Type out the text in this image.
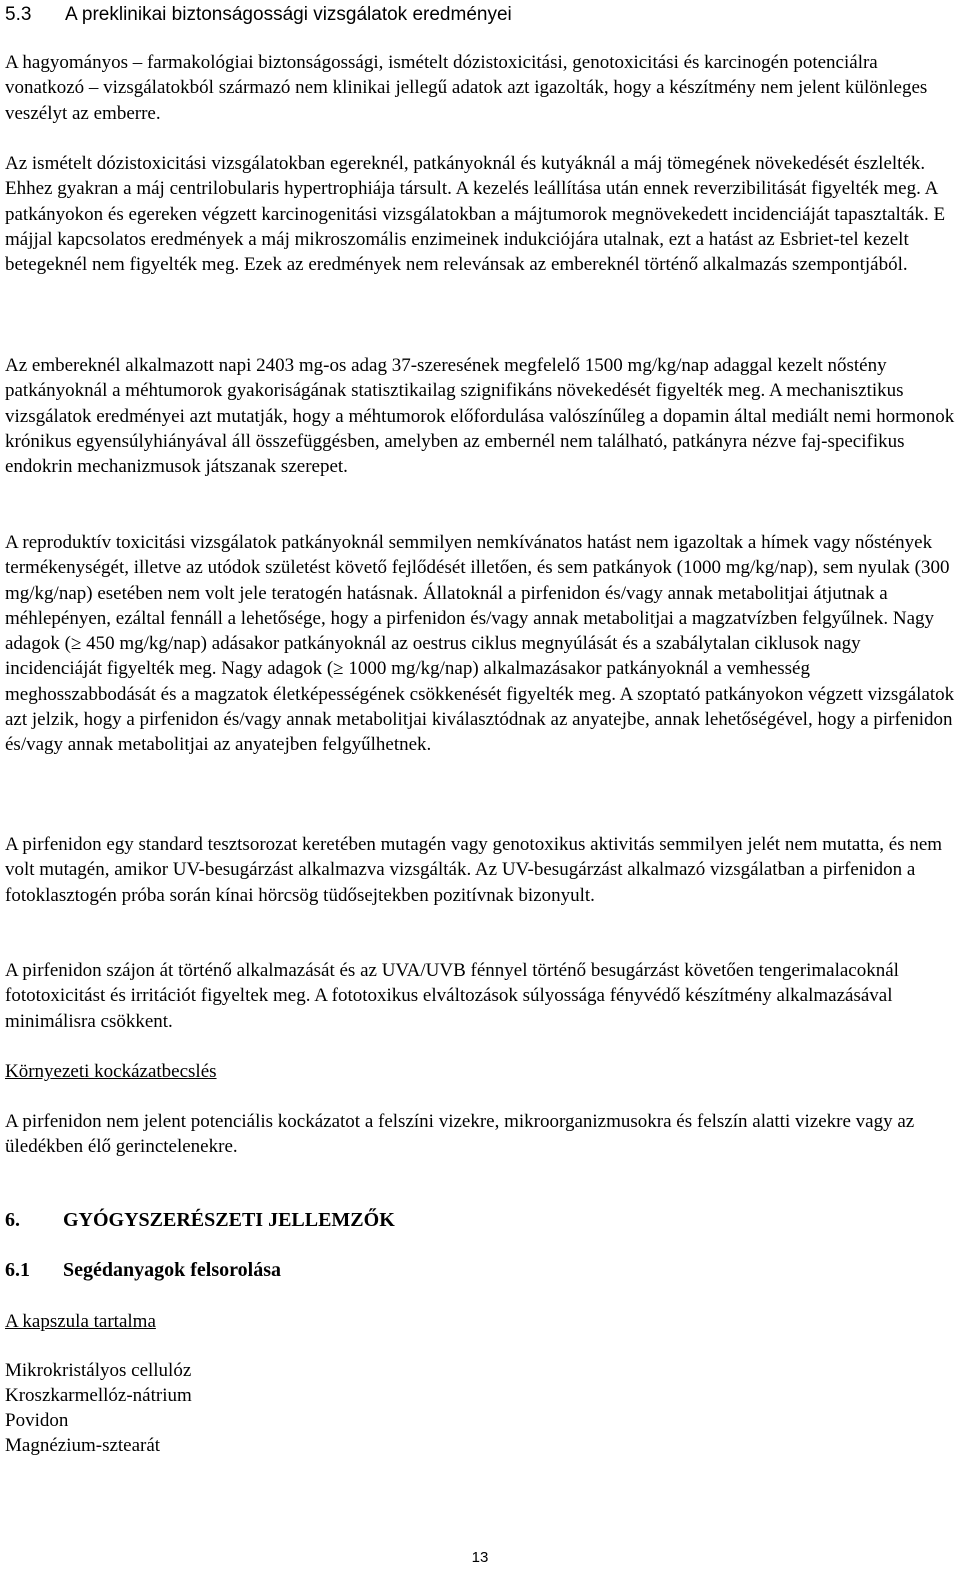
5.3 A preklinikai biztonságossági vizsgálatok eredményei

A hagyományos – farmakológiai biztonságossági, ismételt dózistoxicitási, genotoxicitási és karcinogén potenciálra vonatkozó – vizsgálatokból származó nem klinikai jellegű adatok azt igazolták, hogy a készítmény nem jelent különleges veszélyt az emberre.

Az ismételt dózistoxicitási vizsgálatokban egereknél, patkányoknál és kutyáknál a máj tömegének növekedését észlelték. Ehhez gyakran a máj centrilobularis hypertrophiája társult. A kezelés leállítása után ennek reverzibilitását figyelték meg. A patkányokon és egereken végzett karcinogenitási vizsgálatokban a májtumorok megnövekedett incidenciáját tapasztalták. E májjal kapcsolatos eredmények a máj mikroszomális enzimeinek indukciójára utalnak, ezt a hatást az Esbriet-tel kezelt betegeknél nem figyelték meg. Ezek az eredmények nem relevánsak az embereknél történő alkalmazás szempontjából.

Az embereknél alkalmazott napi 2403 mg-os adag 37-szeresének megfelelő 1500 mg/kg/nap adaggal kezelt nőstény patkányoknál a méhtumorok gyakoriságának statisztikailag szignifikáns növekedését figyelték meg. A mechanisztikus vizsgálatok eredményei azt mutatják, hogy a méhtumorok előfordulása valószínűleg a dopamin által mediált nemi hormonok krónikus egyensúlyhiányával áll összefüggésben, amelyben az embernél nem található, patkányra nézve faj-specifikus endokrin mechanizmusok játszanak szerepet.

A reproduktív toxicitási vizsgálatok patkányoknál semmilyen nemkívánatos hatást nem igazoltak a hímek vagy nőstények termékenységét, illetve az utódok születést követő fejlődését illetően, és sem patkányok (1000 mg/kg/nap), sem nyulak (300 mg/kg/nap) esetében nem volt jele teratogén hatásnak. Állatoknál a pirfenidon és/vagy annak metabolitjai átjutnak a méhlepényen, ezáltal fennáll a lehetősége, hogy a pirfenidon és/vagy annak metabolitjai a magzatvízben felgyűlnek. Nagy adagok (≥ 450 mg/kg/nap) adásakor patkányoknál az oestrus ciklus megnyúlását és a szabálytalan ciklusok nagy incidenciáját figyelték meg. Nagy adagok (≥ 1000 mg/kg/nap) alkalmazásakor patkányoknál a vemhesség meghosszabbodását és a magzatok életképességének csökkenését figyelték meg. A szoptató patkányokon végzett vizsgálatok azt jelzik, hogy a pirfenidon és/vagy annak metabolitjai kiválasztódnak az anyatejbe, annak lehetőségével, hogy a pirfenidon és/vagy annak metabolitjai az anyatejben felgyűlhetnek.

A pirfenidon egy standard tesztsorozat keretében mutagén vagy genotoxikus aktivitás semmilyen jelét nem mutatta, és nem volt mutagén, amikor UV-besugárzást alkalmazva vizsgálták. Az UV-besugárzást alkalmazó vizsgálatban a pirfenidon a fotoklasztogén próba során kínai hörcsög tüdősejtekben pozitívnak bizonyult.

A pirfenidon szájon át történő alkalmazását és az UVA/UVB fénnyel történő besugárzást követően tengerimalacoknál fototoxicitást és irritációt figyeltek meg. A fototoxikus elváltozások súlyossága fényvédő készítmény alkalmazásával minimálisra csökkent.

Környezeti kockázatbecslés

A pirfenidon nem jelent potenciális kockázatot a felszíni vizekre, mikroorganizmusokra és felszín alatti vizekre vagy az üledékben élő gerinctelenekre.

6. GYÓGYSZERÉSZETI JELLEMZŐK
6.1 Segédanyagok felsorolása

A kapszula tartalma

Mikrokristályos cellulóz
Kroszkarmellóz-nátrium
Povidon
Magnézium-sztearát
13
